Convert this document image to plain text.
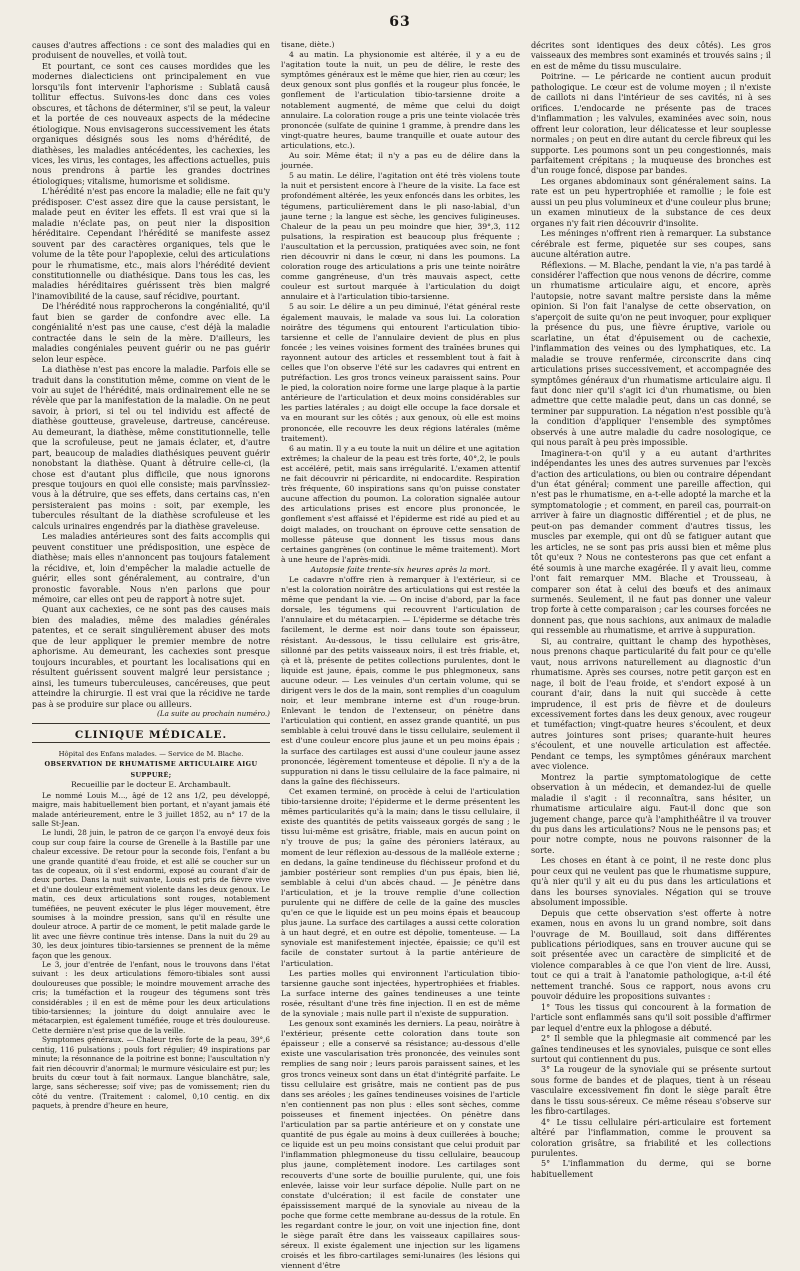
63

causes d'autres affections : ce sont des maladies qui en produisent de nouvelles, et voilà tout.

Et pourtant, ce sont ces causes mordides que les modernes dialecticiens ont principalement en vue lorsqu'ils font intervenir l'aphorisme : Sublatâ causâ tollitur effectus. Suivons-les donc dans ces voies obscures, et tâchons de déterminer, s'il se peut, la valeur et la portée de ces nouveaux aspects de la médecine étiologique. Nous envisagerons successivement les états organiques désignés sous les noms d'hérédité, de diathèses, les maladies antécédentes, les cachexies, les vices, les virus, les contages, les affections actuelles, puis nous prendrons à partie les grandes doctrines étiologiques; vitalisme, humorisme et solidisme.

L'hérédité n'est pas encore la maladie; elle ne fait qu'y prédisposer. C'est assez dire que la cause persistant, le malade peut en éviter les effets. Il est vrai que si la maladie n'éclate pas, on peut nier la disposition héréditaire. Cependant l'hérédité se manifeste assez souvent par des caractères organiques, tels que le volume de la tête pour l'apoplexie, celui des articulations pour le rhumatisme, etc., mais alors l'hérédité devient constitutionnelle ou diathésique. Dans tous les cas, les maladies héréditaires guérissent très bien malgré l'inamovibilité de la cause, sauf récidive, pourtant.

De l'hérédité nous rapprocherons la congénialité, qu'il faut bien se garder de confondre avec elle. La congénialité n'est pas une cause, c'est déjà la maladie contractée dans le sein de la mère. D'ailleurs, les maladies congéniales peuvent guérir ou ne pas guérir selon leur espèce.

La diathèse n'est pas encore la maladie. Parfois elle se traduit dans la constitution même, comme on vient de le voir au sujet de l'hérédité, mais ordinairement elle ne se révèle que par la manifestation de la maladie. On ne peut savoir, à priori, si tel ou tel individu est affecté de diathèse goutteuse, graveleuse, dartreuse, cancéreuse. Au demeurant, la diathèse, même constitutionnelle, telle que la scrofuleuse, peut ne jamais éclater, et, d'autre part, beaucoup de maladies diathésiques peuvent guérir nonobstant la diathèse. Quant à détruire celle-ci, (la chose est d'autant plus difficile, que nous ignorons presque toujours en quoi elle consiste; mais parvînssiez-vous à la détruire, que ses effets, dans certains cas, n'en persisteraient pas moins : soit, par exemple, les tubercules résultant de la diathèse scrofuleuse et les calculs urinaires engendrés par la diathèse graveleuse.

Les maladies antérieures sont des faits accomplis qui peuvent constituer une prédisposition, une espèce de diathèse; mais elles n'annoncent pas toujours fatalement la récidive, et, loin d'empêcher la maladie actuelle de guérir, elles sont généralement, au contraire, d'un pronostic favorable. Nous n'en parlons que pour mémoire, car elles ont peu de rapport à notre sujet.

Quant aux cachexies, ce ne sont pas des causes mais bien des maladies, même des maladies générales patentes, et ce serait singulièrement abuser des mots que de leur appliquer le premier membre de notre aphorisme. Au demeurant, les cachexies sont presque toujours incurables, et pourtant les localisations qui en résultent guérissent souvent malgré leur persistance ; ainsi, les tumeurs tuberculeuses, cancéreuses, que peut atteindre la chirurgie. Il est vrai que la récidive ne tarde pas à se produire sur place ou ailleurs.

(La suite au prochain numéro.)

CLINIQUE MÉDICALE.

Hôpital des Enfans malades. — Service de M. Blache.

OBSERVATION DE RHUMATISME ARTICULAIRE AIGU SUPPURÉ;

Recueillie par le docteur E. Archambault.

Le nommé Louis M..., âgé de 12 ans 1/2, peu développé, maigre, mais habituellement bien portant, et n'ayant jamais été malade antérieurement, entre le 3 juillet 1852, au n° 17 de la salle St-Jean.

Le lundi, 28 juin, le patron de ce garçon l'a envoyé deux fois coup sur coup faire la course de Grenelle à la Bastille par une chaleur excessive. De retour pour la seconde fois, l'enfant a bu une grande quantité d'eau froide, et est allé se coucher sur un tas de copeaux, où il s'est endormi, exposé au courant d'air de deux portes. Dans la nuit suivante, Louis est pris de fièvre vive et d'une douleur extrêmement violente dans les deux genoux. Le matin, ces deux articulations sont rouges, notablement tuméfiées, ne peuvent exécuter le plus léger mouvement, être soumises à la moindre pression, sans qu'il en résulte une douleur atroce. A partir de ce moment, le petit malade garde le lit avec une fièvre continue très intense. Dans la nuit du 29 au 30, les deux jointures tibio-tarsiennes se prennent de la même façon que les genoux.

Le 3, jour d'entrée de l'enfant, nous le trouvons dans l'état suivant : les deux articulations fémoro-tibiales sont aussi douloureuses que possible; le moindre mouvement arrache des cris; la tuméfaction et la rougeur des tégumens sont très considérables ; il en est de même pour les deux articulations tibio-tarsiennes; la jointure du doigt annulaire avec le métacarpien, est également tuméfiée, rouge et très douloureuse. Cette dernière n'est prise que de la veille.

Symptomes généraux. — Chaleur très forte de la peau, 39°,6 centig, 116 pulsations ; pouls fort régulier; 49 inspirations par minute; la résonnance de la poitrine est bonne; l'auscultation n'y fait rien découvrir d'anormal; le murmure vésiculaire est pur; les bruits du cœur tout à fait normaux. Langue blanchâtre, sale, large, sans sécheresse; soif vive; pas de vomissement; rien du côté du ventre. (Traitement : calomel, 0,10 centig. en dix paquets, à prendre d'heure en heure,

tisane, diète.)

4 au matin. La physionomie est altérée, il y a eu de l'agitation toute la nuit, un peu de délire, le reste des symptômes généraux est le même que hier, rien au cœur; les deux genoux sont plus gonflés et la rougeur plus foncée, le gonflement de l'articulation tibio-tarsienne droite a notablement augmenté, de même que celui du doigt annulaire. La coloration rouge a pris une teinte violacée très prononcée (sulfate de quinine 1 gramme, à prendre dans les vingt-quatre heures, baume tranquille et ouate autour des articulations, etc.).

Au soir. Même état; il n'y a pas eu de délire dans la journée.

5 au matin. Le délire, l'agitation ont été très violens toute la nuit et persistent encore à l'heure de la visite. La face est profondément altérée, les yeux enfoncés dans les orbites, les tégumens, particulièrement dans le pli naso-labial, d'un jaune terne ; la langue est sèche, les gencives fuligineuses. Chaleur de la peau un peu moindre que hier, 39°,3, 112 pulsations, la respiration est beaucoup plus fréquente ; l'auscultation et la percussion, pratiquées avec soin, ne font rien découvrir ni dans le cœur, ni dans les poumons. La coloration rouge des articulations a pris une teinte noirâtre comme gangréneuse, d'un très mauvais aspect, cette couleur est surtout marquée à l'articulation du doigt annulaire et à l'articulation tibio-tarsienne.

5 au soir. Le délire a un peu diminué, l'état général reste également mauvais, le malade va sous lui. La coloration noirâtre des tégumens qui entourent l'articulation tibio-tarsienne et celle de l'annulaire devient de plus en plus foncée ; les veines voisines forment des traînées brunes qui rayonnent autour des articles et ressemblent tout à fait à celles que l'on observe l'été sur les cadavres qui entrent en putréfaction. Les gros troncs veineux paraissent sains. Pour le pied, la coloration noire forme une large plaque à la partie antérieure de l'articulation et deux moins considérables sur les parties latérales ; au doigt elle occupe la face dorsale et va en mourant sur les côtés ; aux genoux, où elle est moins prononcée, elle recouvre les deux régions latérales (même traitement).

6 au matin. Il y a eu toute la nuit un délire et une agitation extrêmes; la chaleur de la peau est très forte, 40°,2, le pouls est accéléré, petit, mais sans irrégularité. L'examen attentif ne fait découvrir ni péricardite, ni endocardite. Respiration très fréquente, 60 inspirations sans qu'on puisse constater aucune affection du poumon. La coloration signalée autour des articulations prises est encore plus prononcée, le gonflement s'est affaissé et l'épiderme est ridé au pied et au doigt malades, on trouchant on éprouve cette sensation de mollesse pâteuse que donnent les tissus mous dans certaines gangrènes (on continue le même traitement). Mort à une heure de l'après-midi.

Autopsie faite trente-six heures après la mort.

Le cadavre n'offre rien à remarquer à l'extérieur, si ce n'est la coloration noirâtre des articulations qui est restée la même que pendant la vie. — On incise d'abord, par la face dorsale, les tégumens qui recouvrent l'articulation de l'annulaire et du métacarpien. — L'épiderme se détache très facilement, le derme est noir dans toute son épaisseur, résistant. Au-dessous, le tissu cellulaire est gris-âtre, sillonné par des petits vaisseaux noirs, il est très friable, et, çà et là, présente de petites collections purulentes, dont le liquide est jaune, épais, comme le pus phlegmoneux, sans aucune odeur. — Les veinules d'un certain volume, qui se dirigent vers le dos de la main, sont remplies d'un coagulum noir, et leur membrane interne est d'un rouge-brun. Enlevant le tendon de l'extenseur, on pénètre dans l'articulation qui contient, en assez grande quantité, un pus semblable à celui trouvé dans le tissu cellulaire, seulement il est d'une couleur encore plus jaune et un peu moins épais ; la surface des cartilages est aussi d'une couleur jaune assez prononcée, légèrement tomenteuse et dépolie. Il n'y a de la suppuration ni dans le tissu cellulaire de la face palmaire, ni dans la gaîne des fléchisseurs.

Cet examen terminé, on procède à celui de l'articulation tibio-tarsienne droite; l'épiderme et le derme présentent les mêmes particularités qu'à la main; dans le tissu cellulaire, il existe des quantités de petits vaisseaux gorgés de sang ; le tissu lui-même est grisâtre, friable, mais en aucun point on n'y trouve de pus; la gaîne des péroniers latéraux, au moment de leur réflexion au-dessous de la malléole externe ; en dedans, la gaîne tendineuse du fléchisseur profond et du jambier postérieur sont remplies d'un pus épais, bien lié, semblable à celui d'un abcès chaud. — Je pénètre dans l'articulation, et je la trouve remplie d'une collection purulente qui ne diffère de celle de la gaîne des muscles qu'en ce que le liquide est un peu moins épais et beaucoup plus jaune. La surface des cartilages a aussi cette coloration à un haut degré, et en outre est dépolie, tomenteuse. — La synoviale est manifestement injectée, épaissie; ce qu'il est facile de constater surtout à la partie antérieure de l'articulation.

Les parties molles qui environnent l'articulation tibio-tarsienne gauche sont injectées, hypertrophiées et friables. La surface interne des gaînes tendineuses a une teinte rosée, résultant d'une très fine injection. Il en est de même de la synoviale ; mais nulle part il n'existe de suppuration.

Les genoux sont examinés les derniers. La peau, noirâtre à l'extérieur, présente cette coloration dans toute son épaisseur ; elle a conservé sa résistance; au-dessous d'elle existe une vascularisation très prononcée, des veinules sont remplies de sang noir ; leurs parois paraissent saines, et les gros troncs veineux sont dans un état d'intégrité parfaite. Le tissu cellulaire est grisâtre, mais ne contient pas de pus dans ses aréoles ; les gaînes tendineuses voisines de l'article n'en contiennent pas non plus : elles sont sèches, comme poisseuses et finement injectées. On pénètre dans l'articulation par sa partie antérieure et on y constate une quantité de pus égale au moins à deux cuillerées à bouche; ce liquide est un peu moins consistant que celui produit par l'inflammation phlegmoneuse du tissu cellulaire, beaucoup plus jaune, complètement inodore. Les cartilages sont recouverts d'une sorte de bouillie purulente, qui, une fois enlevée, laisse voir leur surface dépolie. Nulle part on ne constate d'ulcération; il est facile de constater une épaississement marqué de la synoviale au niveau de la poche que forme cette membrane au-dessus de la rotule. En les regardant contre le jour, on voit une injection fine, dont le siège paraît être dans les vaisseaux capillaires sous-séreux. Il existe également une injection sur les ligamens croisés et les fibro-cartilages semi-lunaires (les lésions qui viennent d'être

décrites sont identiques des deux côtés). Les gros vaisseaux des membres sont examinés et trouvés sains ; il en est de même du tissu musculaire.

Poitrine. — Le péricarde ne contient aucun produit pathologique. Le cœur est de volume moyen ; il n'existe de caillots ni dans l'intérieur de ses cavités, ni à ses orifices. L'endocarde ne présente pas de traces d'inflammation ; les valvules, examinées avec soin, nous offrent leur coloration, leur délicatesse et leur souplesse normales ; on peut en dire autant du cercle fibreux qui les supporte. Les poumons sont un peu congestionnés, mais parfaitement crépitans ; la muqueuse des bronches est d'un rouge foncé, dispose par bandes.

Les organes abdominaux sont généralement sains. La rate est un peu hypertrophiée et ramollie ; le foie est aussi un peu plus volumineux et d'une couleur plus brune; un examen minutieux de la substance de ces deux organes n'y fait rien découvrir d'insolite.

Les méninges n'offrent rien à remarquer. La substance cérébrale est ferme, piquetée sur ses coupes, sans aucune altération autre.

Réflexions. — M. Blache, pendant la vie, n'a pas tardé à considérer l'affection que nous venons de décrire, comme un rhumatisme articulaire aigu, et encore, après l'autopsie, notre savant maître persiste dans la même opinion. Si l'on fait l'analyse de cette observation, on s'aperçoit de suite qu'on ne peut invoquer, pour expliquer la présence du pus, une fièvre éruptive, variole ou scarlatine, un état d'épuisement ou de cachexie, l'inflammation des veines ou des lymphatiques, etc. La maladie se trouve renfermée, circonscrite dans cinq articulations prises successivement, et accompagnée des symptômes généraux d'un rhumatisme articulaire aigu. Il faut donc nier qu'il s'agit ici d'un rhumatisme, ou bien admettre que cette maladie peut, dans un cas donné, se terminer par suppuration. La négation n'est possible qu'à la condition d'appliquer l'ensemble des symptômes observés à une autre maladie du cadre nosologique, ce qui nous paraît à peu près impossible.

Imaginera-t-on qu'il y a eu autant d'arthrites indépendantes les unes des autres survenues par l'excès d'action des articulations, ou bien ou contraire dépendant d'un état général; comment une pareille affection, qui n'est pas le rhumatisme, en a-t-elle adopté la marche et la symptomatologie ; et comment, en pareil cas, pourrait-on arriver à faire un diagnostic différentiel ; et de plus, ne peut-on pas demander comment d'autres tissus, les muscles par exemple, qui ont dû se fatiguer autant que les articles, ne se sont pas pris aussi bien et même plus tôt qu'eux ? Nous ne contesterons pas que cet enfant a été soumis à une marche exagérée. Il y avait lieu, comme l'ont fait remarquer MM. Blache et Trousseau, à comparer son état à celui des bœufs et des animaux surmenés. Seulement, il ne faut pas donner une valeur trop forte à cette comparaison ; car les courses forcées ne donnent pas, que nous sachions, aux animaux de maladie qui ressemble au rhumatisme, et arrive à suppuration.

Si, au contraire, quittant le champ des hypothèses, nous prenons chaque particularité du fait pour ce qu'elle vaut, nous arrivons naturellement au diagnostic d'un rhumatisme. Après ses courses, notre petit garçon est en nage, il boit de l'eau froide, et s'endort exposé à un courant d'air, dans la nuit qui succède à cette imprudence, il est pris de fièvre et de douleurs excessivement fortes dans les deux genoux, avec rougeur et tuméfaction; vingt-quatre heures s'écoulent, et deux autres jointures sont prises; quarante-huit heures s'écoulent, et une nouvelle articulation est affectée. Pendant ce temps, les symptômes généraux marchent avec violence.

Montrez la partie symptomatologique de cette observation à un médecin, et demandez-lui de quelle maladie il s'agit : il reconnaîtra, sans hésiter, un rhumatisme articulaire aigu. Faut-il donc que son jugement change, parce qu'à l'amphithéâtre il va trouver du pus dans les articulations? Nous ne le pensons pas; et pour notre compte, nous ne pouvons raisonner de la sorte.

Les choses en étant à ce point, il ne reste donc plus pour ceux qui ne veulent pas que le rhumatisme suppure, qu'à nier qu'il y ait eu du pus dans les articulations et dans les bourses synoviales. Négation qui se trouve absolument impossible.

Depuis que cette observation s'est offerte à notre examen, nous en avons lu un grand nombre, soit dans l'ouvrage de M. Bouillaud, soit dans différentes publications périodiques, sans en trouver aucune qui se soit présentée avec un caractère de simplicité et de violence comparables à ce que l'on vient de lire. Aussi, tout ce qui a trait à l'anatomie pathologique, a-t-il été nettement tranché. Sous ce rapport, nous avons cru pouvoir déduire les propositions suivantes :

1° Tous les tissus qui concourent à la formation de l'article sont enflammés sans qu'il soit possible d'affirmer par lequel d'entre eux la phlogose a débuté.

2° Il semble que la phlegmasie ait commencé par les gaînes tendineuses et les synoviales, puisque ce sont elles surtout qui contiennent du pus.

3° La rougeur de la synoviale qui se présente surtout sous forme de bandes et de plaques, tient à un réseau vasculaire excessivement fin dont le siège paraît être dans le tissu sous-séreux. Ce même réseau s'observe sur les fibro-cartilages.

4° Le tissu cellulaire péri-articulaire est fortement altéré par l'inflammation, comme le prouvent sa coloration grisâtre, sa friabilité et les collections purulentes.

5° L'inflammation du derme, qui se borne habituellement
